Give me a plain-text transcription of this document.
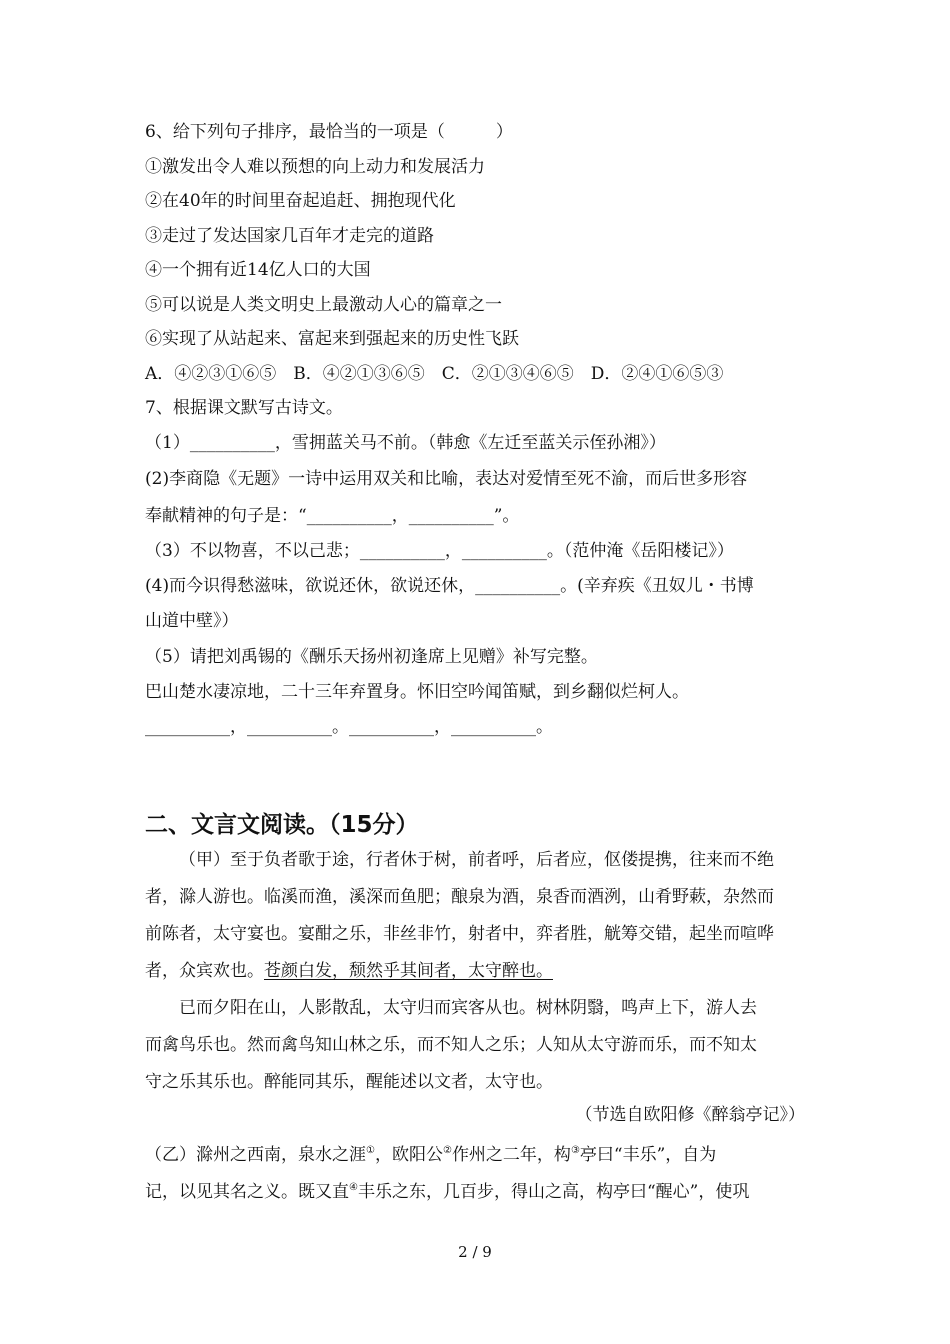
6、给下列句子排序，最恰当的一项是（　　　）
①激发出令人难以预想的向上动力和发展活力
②在40年的时间里奋起追赶、拥抱现代化
③走过了发达国家几百年才走完的道路
④一个拥有近14亿人口的大国
⑤可以说是人类文明史上最激动人心的篇章之一
⑥实现了从站起来、富起来到强起来的历史性飞跃
A．④②③①⑥⑤　B．④②①③⑥⑤　C．②①③④⑥⑤　D．②④①⑥⑤③
7、根据课文默写古诗文。
（1）__________，雪拥蓝关马不前。（韩愈《左迁至蓝关示侄孙湘》）
(2)李商隐《无题》一诗中运用双关和比喻，表达对爱情至死不渝，而后世多形容
奉献精神的句子是：“__________，__________”。
（3）不以物喜，不以己悲；__________，__________。（范仲淹《岳阳楼记》）
(4)而今识得愁滋味，欲说还休，欲说还休，__________。(辛弃疾《丑奴儿・书博
山道中壁》）
（5）请把刘禹锡的《酬乐天扬州初逢席上见赠》补写完整。
巴山楚水凄凉地，二十三年弃置身。怀旧空吟闻笛赋，到乡翻似烂柯人。
__________，__________。__________，__________。
二、文言文阅读。（15分）
（甲）至于负者歌于途，行者休于树，前者呼，后者应，伛偻提携，往来而不绝
者，滁人游也。临溪而渔，溪深而鱼肥；酿泉为酒，泉香而酒洌，山肴野蔌，杂然而
前陈者，太守宴也。宴酣之乐，非丝非竹，射者中，弈者胜，觥筹交错，起坐而喧哗
者，众宾欢也。苍颜白发，颓然乎其间者，太守醉也。
已而夕阳在山，人影散乱，太守归而宾客从也。树林阴翳，鸣声上下，游人去
而禽鸟乐也。然而禽鸟知山林之乐，而不知人之乐；人知从太守游而乐，而不知太
守之乐其乐也。醉能同其乐，醒能述以文者，太守也。
（节选自欧阳修《醉翁亭记》）
（乙）滁州之西南，泉水之涯①，欧阳公②作州之二年，构③亭曰“丰乐”，自为
记，以见其名之义。既又直④丰乐之东，几百步，得山之高，构亭曰“醒心”，使巩
2 / 9
